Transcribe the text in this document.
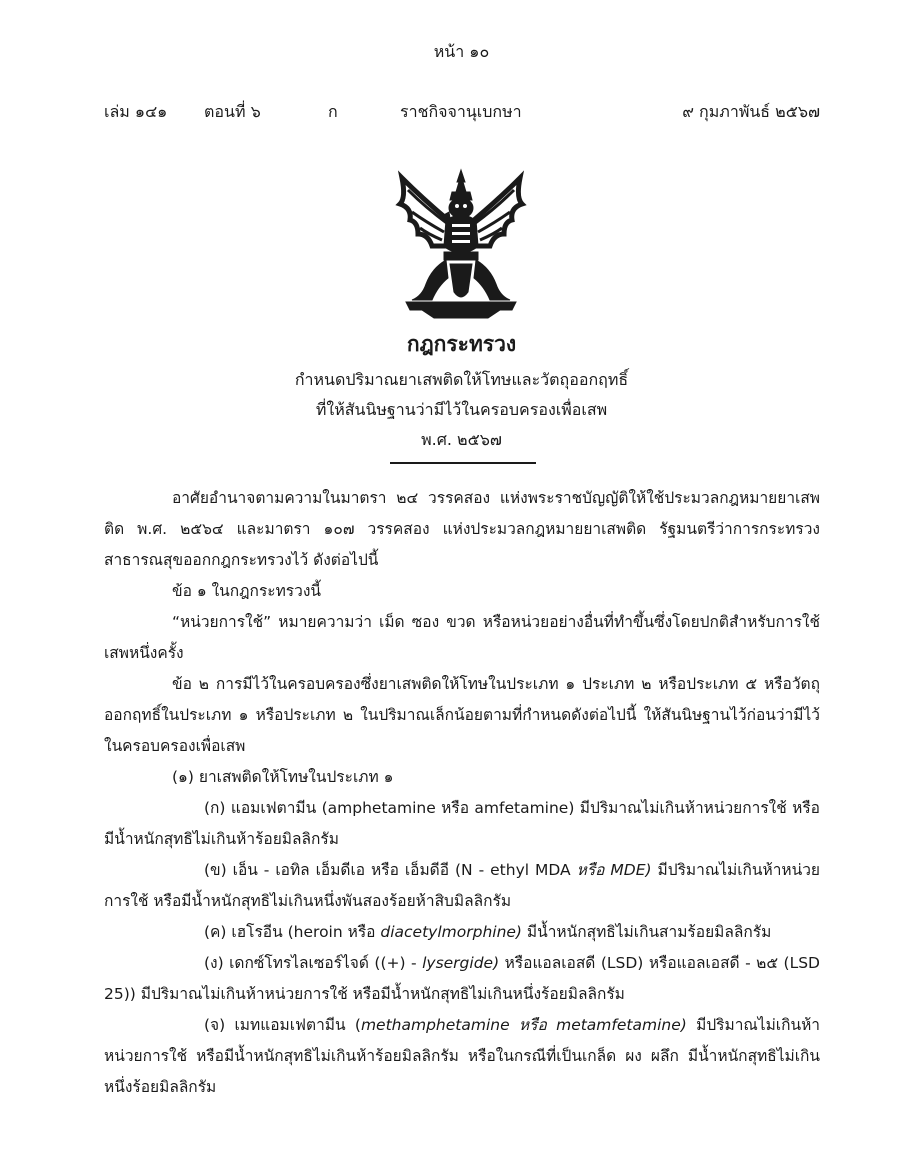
หน้า ๑๐
เล่ม ๑๔๑ ตอนที่ ๖	ก	ราชกิจจานุเบกษา	๙ กุมภาพันธ์ ๒๕๖๗
กฎกระทรวง
กำหนดปริมาณยาเสพติดให้โทษและวัตถุออกฤทธิ์
ที่ให้สันนิษฐานว่ามีไว้ในครอบครองเพื่อเสพ
พ.ศ. ๒๕๖๗

อาศัยอำนาจตามความในมาตรา ๒๔ วรรคสอง แห่งพระราชบัญญัติให้ใช้ประมวลกฎหมายยาเสพติด พ.ศ. ๒๕๖๔ และมาตรา ๑๐๗ วรรคสอง แห่งประมวลกฎหมายยาเสพติด รัฐมนตรีว่าการกระทรวงสาธารณสุขออกกฎกระทรวงไว้ ดังต่อไปนี้

ข้อ ๑ ในกฎกระทรวงนี้

“หน่วยการใช้” หมายความว่า เม็ด ซอง ขวด หรือหน่วยอย่างอื่นที่ทำขึ้นซึ่งโดยปกติสำหรับการใช้เสพหนึ่งครั้ง

ข้อ ๒ การมีไว้ในครอบครองซึ่งยาเสพติดให้โทษในประเภท ๑ ประเภท ๒ หรือประเภท ๕ หรือวัตถุออกฤทธิ์ในประเภท ๑ หรือประเภท ๒ ในปริมาณเล็กน้อยตามที่กำหนดดังต่อไปนี้ ให้สันนิษฐานไว้ก่อนว่ามีไว้ในครอบครองเพื่อเสพ

(๑) ยาเสพติดให้โทษในประเภท ๑

(ก) แอมเฟตามีน (amphetamine หรือ amfetamine) มีปริมาณไม่เกินห้าหน่วยการใช้ หรือมีน้ำหนักสุทธิไม่เกินห้าร้อยมิลลิกรัม

(ข) เอ็น - เอทิล เอ็มดีเอ หรือ เอ็มดีอี (N - ethyl MDA หรือ MDE) มีปริมาณไม่เกินห้าหน่วยการใช้ หรือมีน้ำหนักสุทธิไม่เกินหนึ่งพันสองร้อยห้าสิบมิลลิกรัม

(ค) เฮโรอีน (heroin หรือ diacetylmorphine) มีน้ำหนักสุทธิไม่เกินสามร้อยมิลลิกรัม

(ง) เดกซ์โทรไลเซอร์ไจด์ ((+) - lysergide) หรือแอลเอสดี (LSD) หรือแอลเอสดี - ๒๕ (LSD 25)) มีปริมาณไม่เกินห้าหน่วยการใช้ หรือมีน้ำหนักสุทธิไม่เกินหนึ่งร้อยมิลลิกรัม

(จ) เมทแอมเฟตามีน (methamphetamine หรือ metamfetamine) มีปริมาณไม่เกินห้าหน่วยการใช้ หรือมีน้ำหนักสุทธิไม่เกินห้าร้อยมิลลิกรัม หรือในกรณีที่เป็นเกล็ด ผง ผลึก มีน้ำหนักสุทธิไม่เกินหนึ่งร้อยมิลลิกรัม
